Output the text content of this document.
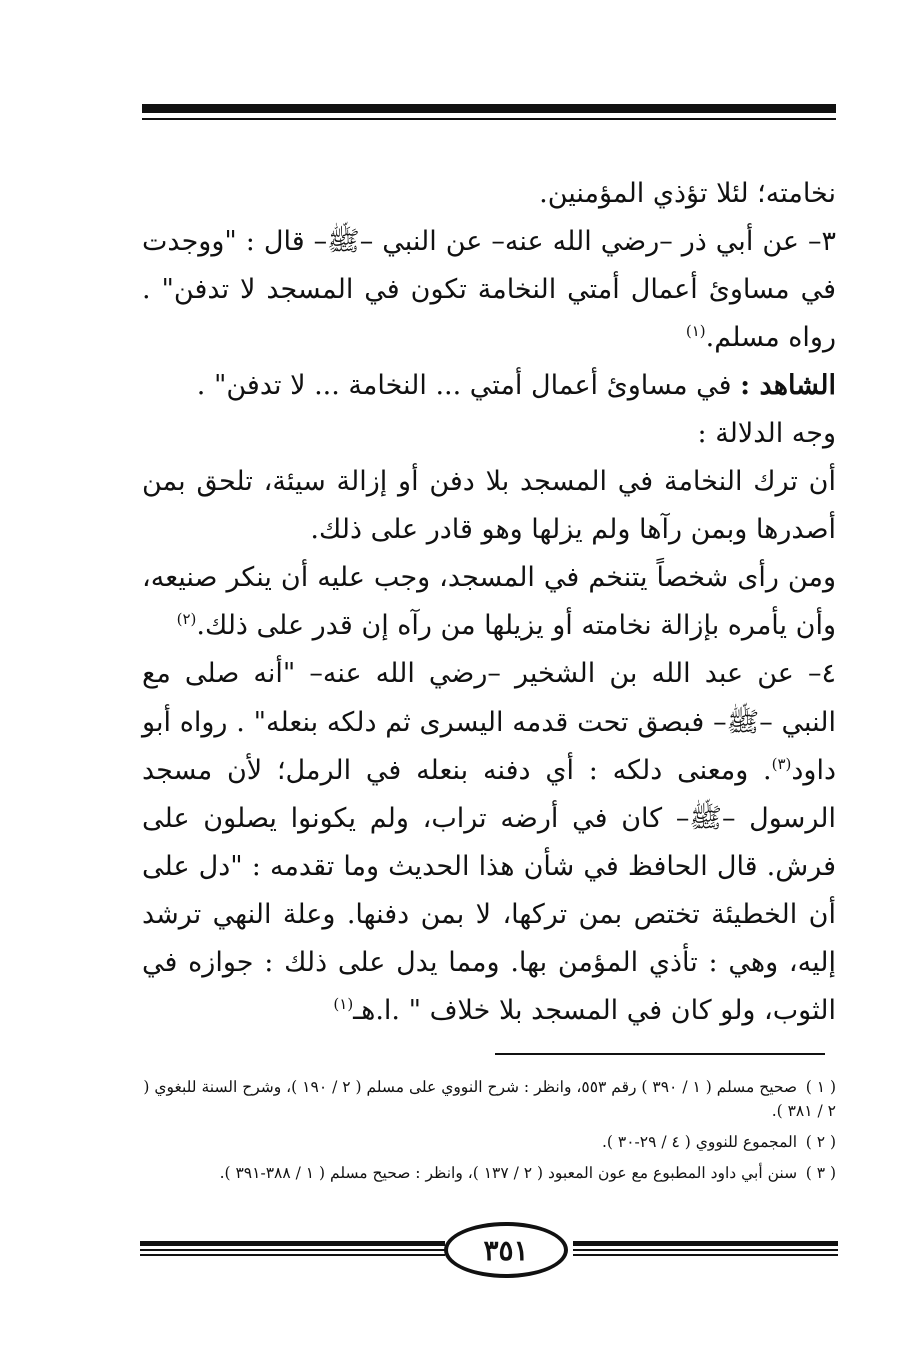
نخامته؛ لئلا تؤذي المؤمنين.

٣– عن أبي ذر –رضي الله عنه– عن النبي –ﷺ– قال : "ووجدت في مساوئ أعمال أمتي النخامة تكون في المسجد لا تدفن" . رواه مسلم.$^{(١)}$

الشاهد : في مساوئ أعمال أمتي ... النخامة ... لا تدفن" .

وجه الدلالة :

أن ترك النخامة في المسجد بلا دفن أو إزالة سيئة، تلحق بمن أصدرها وبمن رآها ولم يزلها وهو قادر على ذلك.

ومن رأى شخصاً يتنخم في المسجد، وجب عليه أن ينكر صنيعه، وأن يأمره بإزالة نخامته أو يزيلها من رآه إن قدر على ذلك.$^{(٢)}$

٤– عن عبد الله بن الشخير –رضي الله عنه– "أنه صلى مع النبي –ﷺ– فبصق تحت قدمه اليسرى ثم دلكه بنعله" . رواه أبو داود$^{(٣)}$. ومعنى دلكه : أي دفنه بنعله في الرمل؛ لأن مسجد الرسول –ﷺ– كان في أرضه تراب، ولم يكونوا يصلون على فرش. قال الحافظ في شأن هذا الحديث وما تقدمه : "دل على أن الخطيئة تختص بمن تركها، لا بمن دفنها. وعلة النهي ترشد إليه، وهي : تأذي المؤمن بها. ومما يدل على ذلك : جوازه في الثوب، ولو كان في المسجد بلا خلاف " .ا.هـ$^{(١)}$

( ١ ) صحيح مسلم ( ١ / ٣٩٠ ) رقم ٥٥٣، وانظر : شرح النووي على مسلم ( ٢ / ١٩٠ )، وشرح السنة للبغوي ( ٢ / ٣٨١ ).

( ٢ ) المجموع للنووي ( ٤ / ٢٩-٣٠ ).

( ٣ ) سنن أبي داود المطبوع مع عون المعبود ( ٢ / ١٣٧ )، وانظر : صحيح مسلم ( ١ / ٣٨٨-٣٩١ ).

٣٥١
